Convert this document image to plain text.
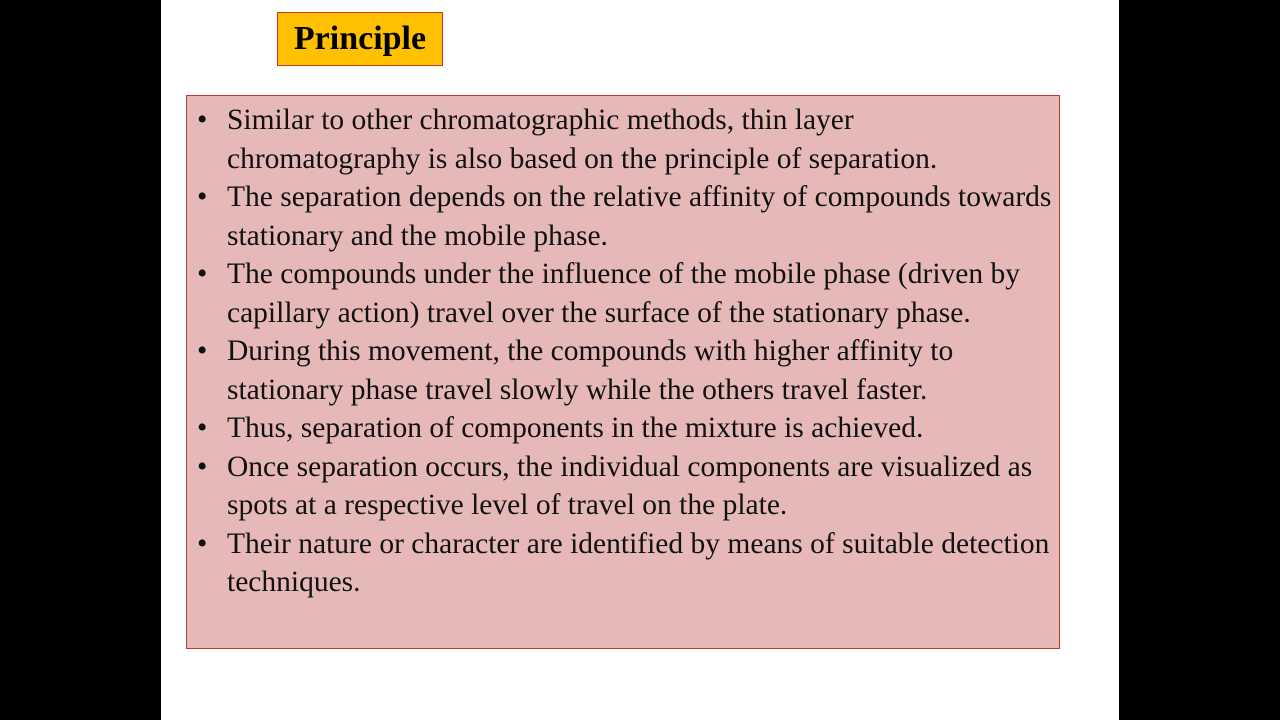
Principle
• Similar to other chromatographic methods, thin layer chromatography is also based on the principle of separation.
• The separation depends on the relative affinity of compounds towards stationary and the mobile phase.
• The compounds under the influence of the mobile phase (driven by capillary action) travel over the surface of the stationary phase.
• During this movement, the compounds with higher affinity to stationary phase travel slowly while the others travel faster.
• Thus, separation of components in the mixture is achieved.
• Once separation occurs, the individual components are visualized as spots at a respective level of travel on the plate.
• Their nature or character are identified by means of suitable detection techniques.
